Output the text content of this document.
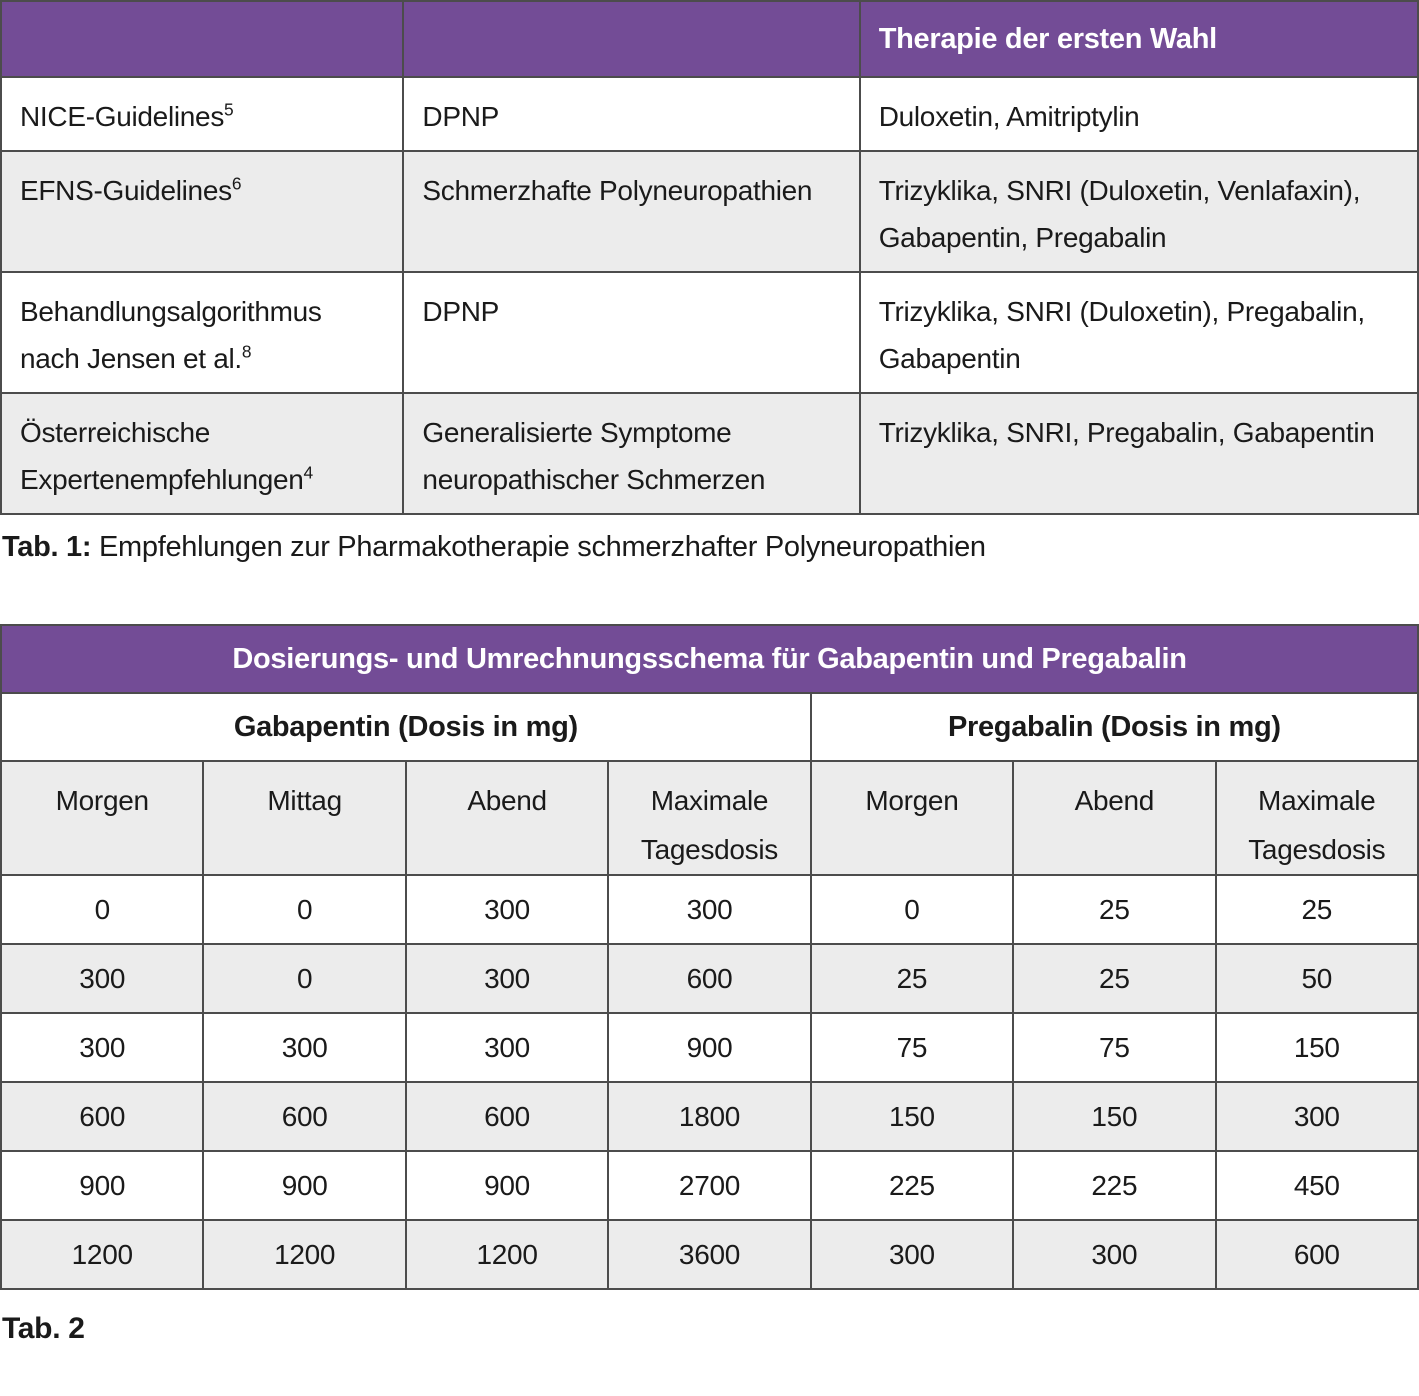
		Therapie der ersten Wahl
NICE-Guidelines$^5$	DPNP	Duloxetin, Amitriptylin
EFNS-Guidelines$^6$	Schmerzhafte Polyneuropathien	Trizyklika, SNRI (Duloxetin, Venlafaxin), Gabapentin, Pregabalin
Behandlungsalgorithmus nach Jensen et al.$^8$	DPNP	Trizyklika, SNRI (Duloxetin), Pregabalin, Gabapentin
Österreichische Expertenempfehlungen$^4$	Generalisierte Symptome neuropathischer Schmerzen	Trizyklika, SNRI, Pregabalin, Gabapentin

Tab. 1: Empfehlungen zur Pharmakotherapie schmerzhafter Polyneuropathien

Dosierungs- und Umrechnungsschema für Gabapentin und Pregabalin						
Gabapentin (Dosis in mg)				Pregabalin (Dosis in mg)		
Morgen	Mittag	Abend	Maximale Tagesdosis	Morgen	Abend	Maximale Tagesdosis
0	0	300	300	0	25	25
300	0	300	600	25	25	50
300	300	300	900	75	75	150
600	600	600	1800	150	150	300
900	900	900	2700	225	225	450
1200	1200	1200	3600	300	300	600

Tab. 2
